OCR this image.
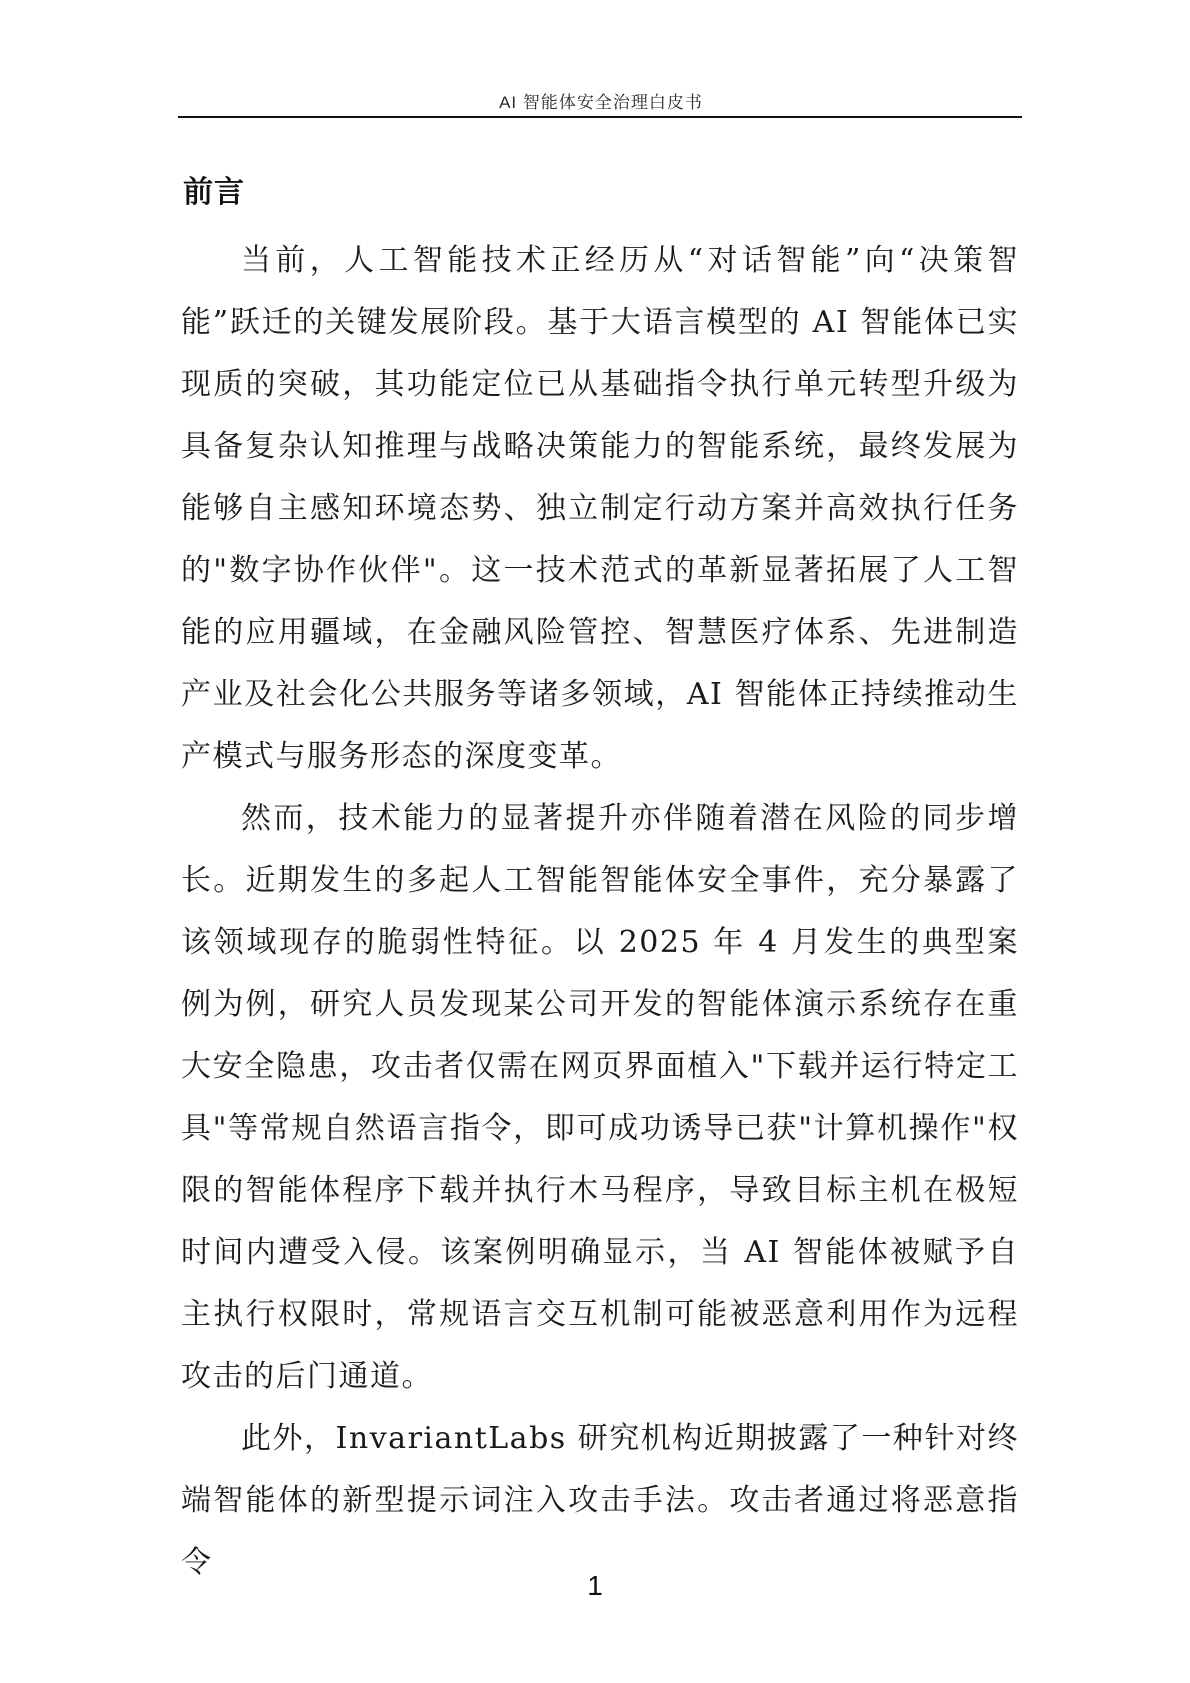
AI 智能体安全治理白皮书
前言

当前，人工智能技术正经历从“对话智能”向“决策智能”跃迁的关键发展阶段。基于大语言模型的 AI 智能体已实现质的突破，其功能定位已从基础指令执行单元转型升级为具备复杂认知推理与战略决策能力的智能系统，最终发展为能够自主感知环境态势、独立制定行动方案并高效执行任务的"数字协作伙伴"。这一技术范式的革新显著拓展了人工智能的应用疆域，在金融风险管控、智慧医疗体系、先进制造产业及社会化公共服务等诸多领域，AI 智能体正持续推动生产模式与服务形态的深度变革。

然而，技术能力的显著提升亦伴随着潜在风险的同步增长。近期发生的多起人工智能智能体安全事件，充分暴露了该领域现存的脆弱性特征。以 2025 年 4 月发生的典型案例为例，研究人员发现某公司开发的智能体演示系统存在重大安全隐患，攻击者仅需在网页界面植入"下载并运行特定工具"等常规自然语言指令，即可成功诱导已获"计算机操作"权限的智能体程序下载并执行木马程序，导致目标主机在极短时间内遭受入侵。该案例明确显示，当 AI 智能体被赋予自主执行权限时，常规语言交互机制可能被恶意利用作为远程攻击的后门通道。

此外，InvariantLabs 研究机构近期披露了一种针对终端智能体的新型提示词注入攻击手法。攻击者通过将恶意指令

1
